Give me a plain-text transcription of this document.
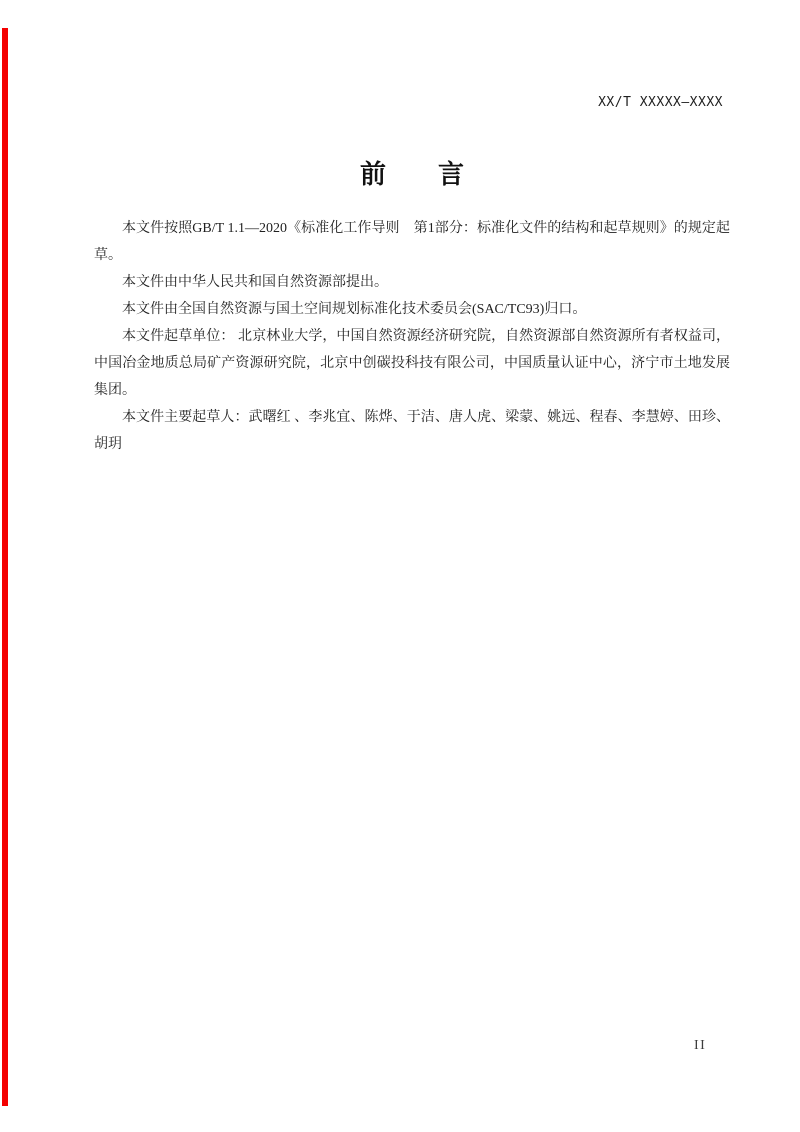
XX/T XXXXX—XXXX
前　　言

本文件按照GB/T 1.1—2020《标准化工作导则　第1部分：标准化文件的结构和起草规则》的规定起草。

本文件由中华人民共和国自然资源部提出。

本文件由全国自然资源与国土空间规划标准化技术委员会(SAC/TC93)归口。

本文件起草单位： 北京林业大学，中国自然资源经济研究院，自然资源部自然资源所有者权益司，中国冶金地质总局矿产资源研究院，北京中创碳投科技有限公司，中国质量认证中心，济宁市土地发展集团。

本文件主要起草人：武曙红 、李兆宜、陈烨、于洁、唐人虎、梁蒙、姚远、程春、李慧婷、田珍、胡玥

II
